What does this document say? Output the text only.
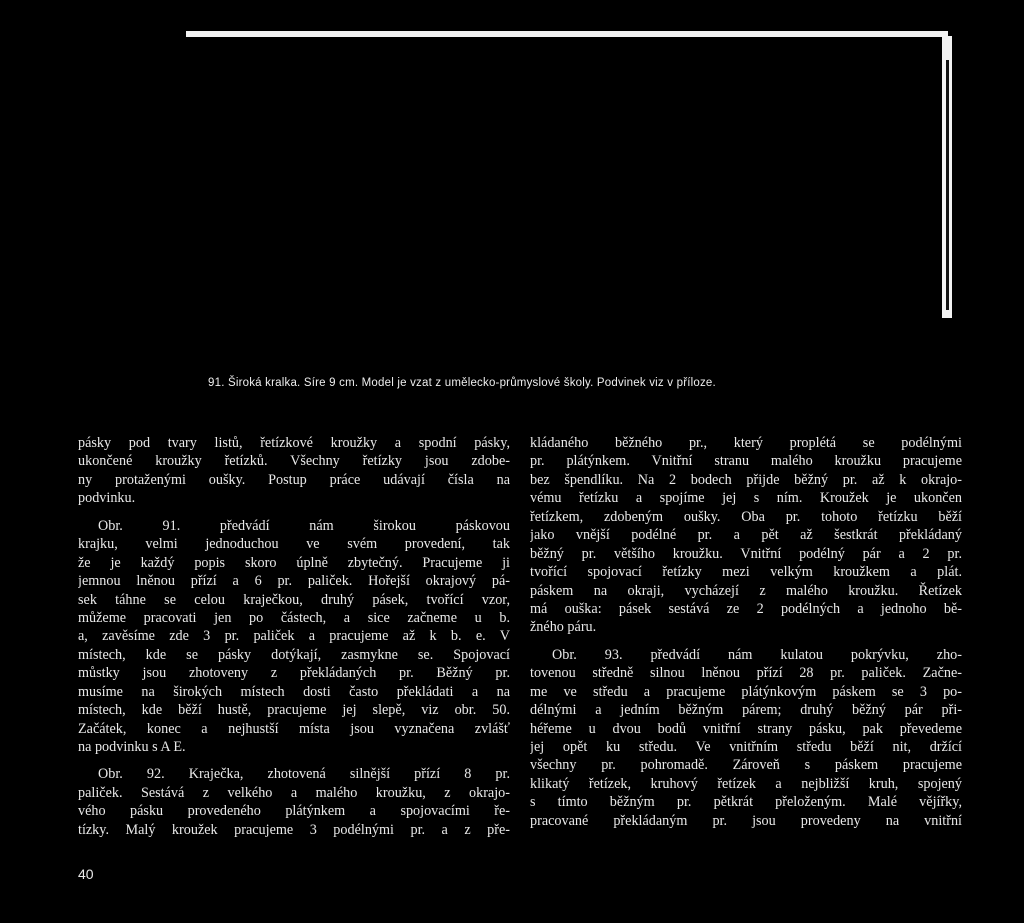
91. Široká kralka. Síre 9 cm. Model je vzat z umělecko-průmyslové školy. Podvinek viz v příloze.
pásky pod tvary listů, řetízkové kroužky a spodní pásky,
ukončené kroužky řetízků. Všechny řetízky jsou zdobe-
ny protaženými oušky. Postup práce udávají čísla na
podvinku.
Obr. 91. předvádí nám širokou páskovou
krajku, velmi jednoduchou ve svém provedení, tak
že je každý popis skoro úplně zbytečný. Pracujeme ji
jemnou lněnou přízí a 6 pr. paliček. Hořejší okrajový pá-
sek táhne se celou kraječkou, druhý pásek, tvořící vzor,
můžeme pracovati jen po částech, a sice začneme u b.
a, zavěsíme zde 3 pr. paliček a pracujeme až k b. e. V
místech, kde se pásky dotýkají, zasmykne se. Spojovací
můstky jsou zhotoveny z překládaných pr. Běžný pr.
musíme na širokých místech dosti často překládati a na
místech, kde běží hustě, pracujeme jej slepě, viz obr. 50.
Začátek, konec a nejhustší místa jsou vyznačena zvlášť
na podvinku s A E.
Obr. 92. Kraječka, zhotovená silnější přízí 8 pr.
paliček. Sestává z velkého a malého kroužku, z okrajo-
vého pásku provedeného plátýnkem a spojovacími ře-
tízky. Malý kroužek pracujeme 3 podélnými pr. a z pře-
kládaného běžného pr., který proplétá se podélnými
pr. plátýnkem. Vnitřní stranu malého kroužku pracujeme
bez špendlíku. Na 2 bodech přijde běžný pr. až k okrajo-
vému řetízku a spojíme jej s ním. Kroužek je ukončen
řetízkem, zdobeným oušky. Oba pr. tohoto řetízku běží
jako vnější podélné pr. a pět až šestkrát překládaný
běžný pr. většího kroužku. Vnitřní podélný pár a 2 pr.
tvořící spojovací řetízky mezi velkým kroužkem a plát.
páskem na okraji, vycházejí z malého kroužku. Řetízek
má ouška: pásek sestává ze 2 podélných a jednoho bě-
žného páru.
Obr. 93. předvádí nám kulatou pokrývku, zho-
tovenou středně silnou lněnou přízí 28 pr. paliček. Začne-
me ve středu a pracujeme plátýnkovým páskem se 3 po-
délnými a jedním běžným párem; druhý běžný pár při-
héřeme u dvou bodů vnitřní strany pásku, pak převedeme
jej opět ku středu. Ve vnitřním středu běží nit, držící
všechny pr. pohromadě. Zároveň s páskem pracujeme
klikatý řetízek, kruhový řetízek a nejbližší kruh, spojený
s tímto běžným pr. pětkrát přeloženým. Malé vějířky,
pracované překládaným pr. jsou provedeny na vnitřní
40
